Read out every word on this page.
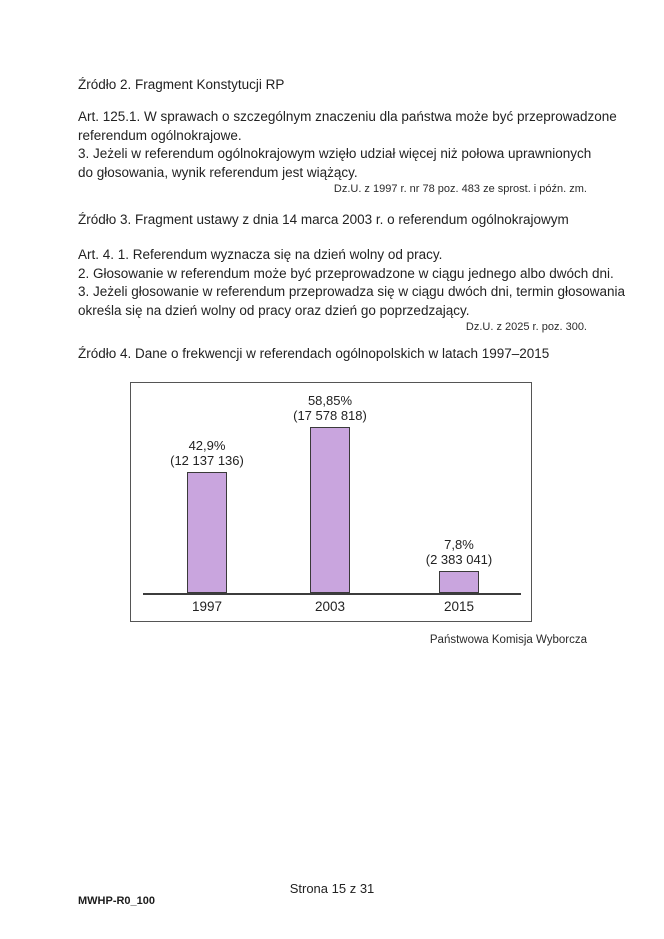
Źródło 2. Fragment Konstytucji RP
Art. 125.1. W sprawach o szczególnym znaczeniu dla państwa może być przeprowadzone
referendum ogólnokrajowe.
3. Jeżeli w referendum ogólnokrajowym wzięło udział więcej niż połowa uprawnionych
do głosowania, wynik referendum jest wiążący.
Dz.U. z 1997 r. nr 78 poz. 483 ze sprost. i późn. zm.
Źródło 3. Fragment ustawy z dnia 14 marca 2003 r. o referendum ogólnokrajowym
Art. 4. 1. Referendum wyznacza się na dzień wolny od pracy.
2. Głosowanie w referendum może być przeprowadzone w ciągu jednego albo dwóch dni.
3. Jeżeli głosowanie w referendum przeprowadza się w ciągu dwóch dni, termin głosowania
określa się na dzień wolny od pracy oraz dzień go poprzedzający.
Dz.U. z 2025 r. poz. 300.
Źródło 4. Dane o frekwencji w referendach ogólnopolskich w latach 1997–2015
42,9%
(12 137 136)
58,85%
(17 578 818)
7,8%
(2 383 041)
1997	2003	2015
Państwowa Komisja Wyborcza
Strona 15 z 31
MWHP-R0_100
